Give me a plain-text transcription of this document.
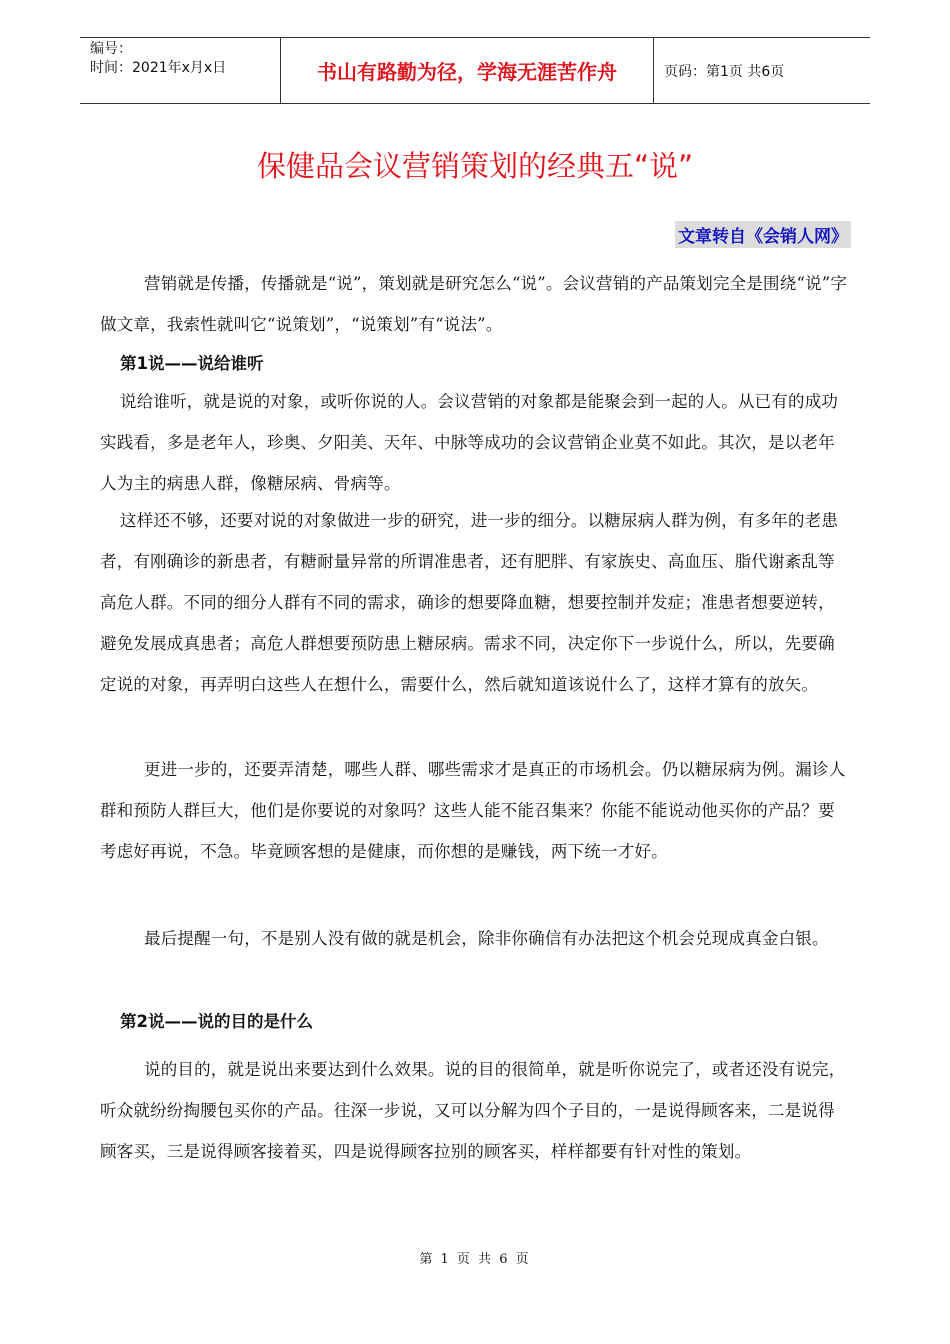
编号：
时间：2021年x月x日	书山有路勤为径，学海无涯苦作舟	页码：第1页 共6页
保健品会议营销策划的经典五“说”
文章转自《会销人网》

营销就是传播，传播就是“说”，策划就是研究怎么“说”。会议营销的产品策划完全是围绕“说”字做文章，我索性就叫它“说策划”，“说策划”有“说法”。

第1说——说给谁听

说给谁听，就是说的对象，或听你说的人。会议营销的对象都是能聚会到一起的人。从已有的成功实践看，多是老年人，珍奥、夕阳美、天年、中脉等成功的会议营销企业莫不如此。其次，是以老年人为主的病患人群，像糖尿病、骨病等。

这样还不够，还要对说的对象做进一步的研究，进一步的细分。以糖尿病人群为例，有多年的老患者，有刚确诊的新患者，有糖耐量异常的所谓准患者，还有肥胖、有家族史、高血压、脂代谢紊乱等高危人群。不同的细分人群有不同的需求，确诊的想要降血糖，想要控制并发症；准患者想要逆转，避免发展成真患者；高危人群想要预防患上糖尿病。需求不同，决定你下一步说什么，所以，先要确定说的对象，再弄明白这些人在想什么，需要什么，然后就知道该说什么了，这样才算有的放矢。

更进一步的，还要弄清楚，哪些人群、哪些需求才是真正的市场机会。仍以糖尿病为例。漏诊人群和预防人群巨大，他们是你要说的对象吗？这些人能不能召集来？你能不能说动他买你的产品？要考虑好再说，不急。毕竟顾客想的是健康，而你想的是赚钱，两下统一才好。

最后提醒一句，不是别人没有做的就是机会，除非你确信有办法把这个机会兑现成真金白银。

第2说——说的目的是什么

说的目的，就是说出来要达到什么效果。说的目的很简单，就是听你说完了，或者还没有说完，听众就纷纷掏腰包买你的产品。往深一步说，又可以分解为四个子目的，一是说得顾客来，二是说得顾客买，三是说得顾客接着买，四是说得顾客拉别的顾客买，样样都要有针对性的策划。

第 1 页 共 6 页
